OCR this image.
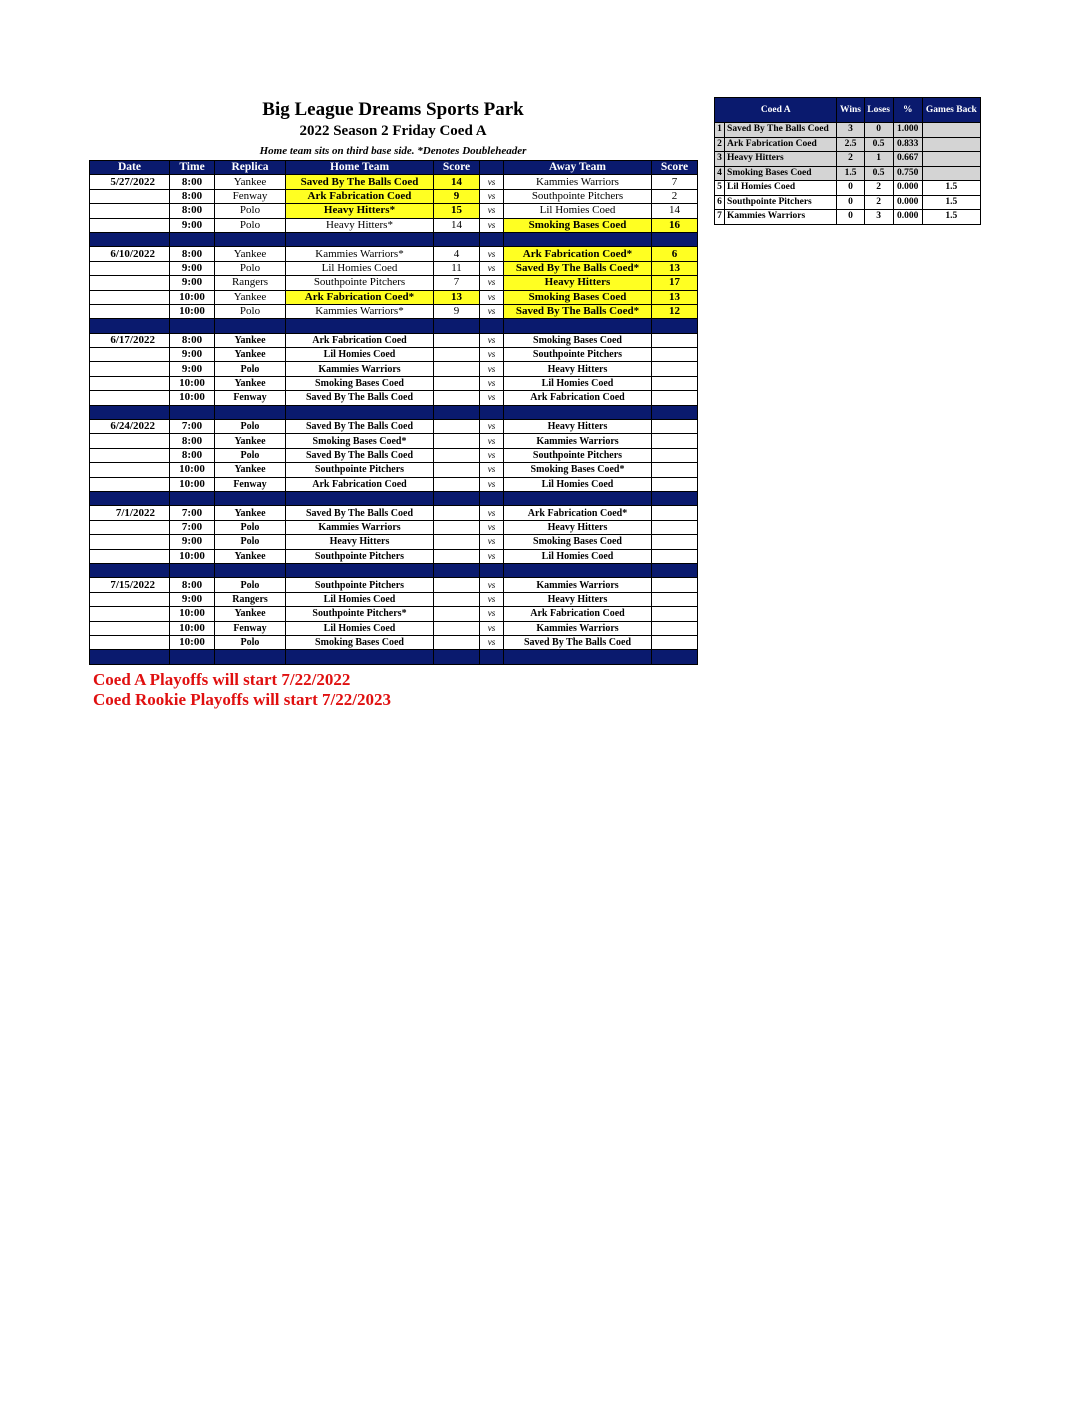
Big League Dreams Sports Park
2022 Season 2 Friday Coed A
Home team sits on third base side. *Denotes Doubleheader
Date	Time	Replica	Home Team	Score		Away Team	Score
5/27/2022	8:00	Yankee	Saved By The Balls Coed	14	vs	Kammies Warriors	7
	8:00	Fenway	Ark Fabrication Coed	9	vs	Southpointe Pitchers	2
	8:00	Polo	Heavy Hitters*	15	vs	Lil Homies Coed	14
	9:00	Polo	Heavy Hitters*	14	vs	Smoking Bases Coed	16

6/10/2022	8:00	Yankee	Kammies Warriors*	4	vs	Ark Fabrication Coed*	6
	9:00	Polo	Lil Homies Coed	11	vs	Saved By The Balls Coed*	13
	9:00	Rangers	Southpointe Pitchers	7	vs	Heavy Hitters	17
	10:00	Yankee	Ark Fabrication Coed*	13	vs	Smoking Bases Coed	13
	10:00	Polo	Kammies Warriors*	9	vs	Saved By The Balls Coed*	12

6/17/2022	8:00	Yankee	Ark Fabrication Coed		vs	Smoking Bases Coed	
	9:00	Yankee	Lil Homies Coed		vs	Southpointe Pitchers	
	9:00	Polo	Kammies Warriors		vs	Heavy Hitters	
	10:00	Yankee	Smoking Bases Coed		vs	Lil Homies Coed	
	10:00	Fenway	Saved By The Balls Coed		vs	Ark Fabrication Coed	

6/24/2022	7:00	Polo	Saved By The Balls Coed		vs	Heavy Hitters	
	8:00	Yankee	Smoking Bases Coed*		vs	Kammies Warriors	
	8:00	Polo	Saved By The Balls Coed		vs	Southpointe Pitchers	
	10:00	Yankee	Southpointe Pitchers		vs	Smoking Bases Coed*	
	10:00	Fenway	Ark Fabrication Coed		vs	Lil Homies Coed	

7/1/2022	7:00	Yankee	Saved By The Balls Coed		vs	Ark Fabrication Coed*	
	7:00	Polo	Kammies Warriors		vs	Heavy Hitters	
	9:00	Polo	Heavy Hitters		vs	Smoking Bases Coed	
	10:00	Yankee	Southpointe Pitchers		vs	Lil Homies Coed	

7/15/2022	8:00	Polo	Southpointe Pitchers		vs	Kammies Warriors	
	9:00	Rangers	Lil Homies Coed		vs	Heavy Hitters	
	10:00	Yankee	Southpointe Pitchers*		vs	Ark Fabrication Coed	
	10:00	Fenway	Lil Homies Coed		vs	Kammies Warriors	
	10:00	Polo	Smoking Bases Coed		vs	Saved By The Balls Coed	

Coed A		Wins	Loses	%	Games Back
1	Saved By The Balls Coed	3	0	1.000	
2	Ark Fabrication Coed	2.5	0.5	0.833	
3	Heavy Hitters	2	1	0.667	
4	Smoking Bases Coed	1.5	0.5	0.750	
5	Lil Homies Coed	0	2	0.000	1.5
6	Southpointe Pitchers	0	2	0.000	1.5
7	Kammies Warriors	0	3	0.000	1.5
Coed A Playoffs will start 7/22/2022
Coed Rookie Playoffs will start 7/22/2023
